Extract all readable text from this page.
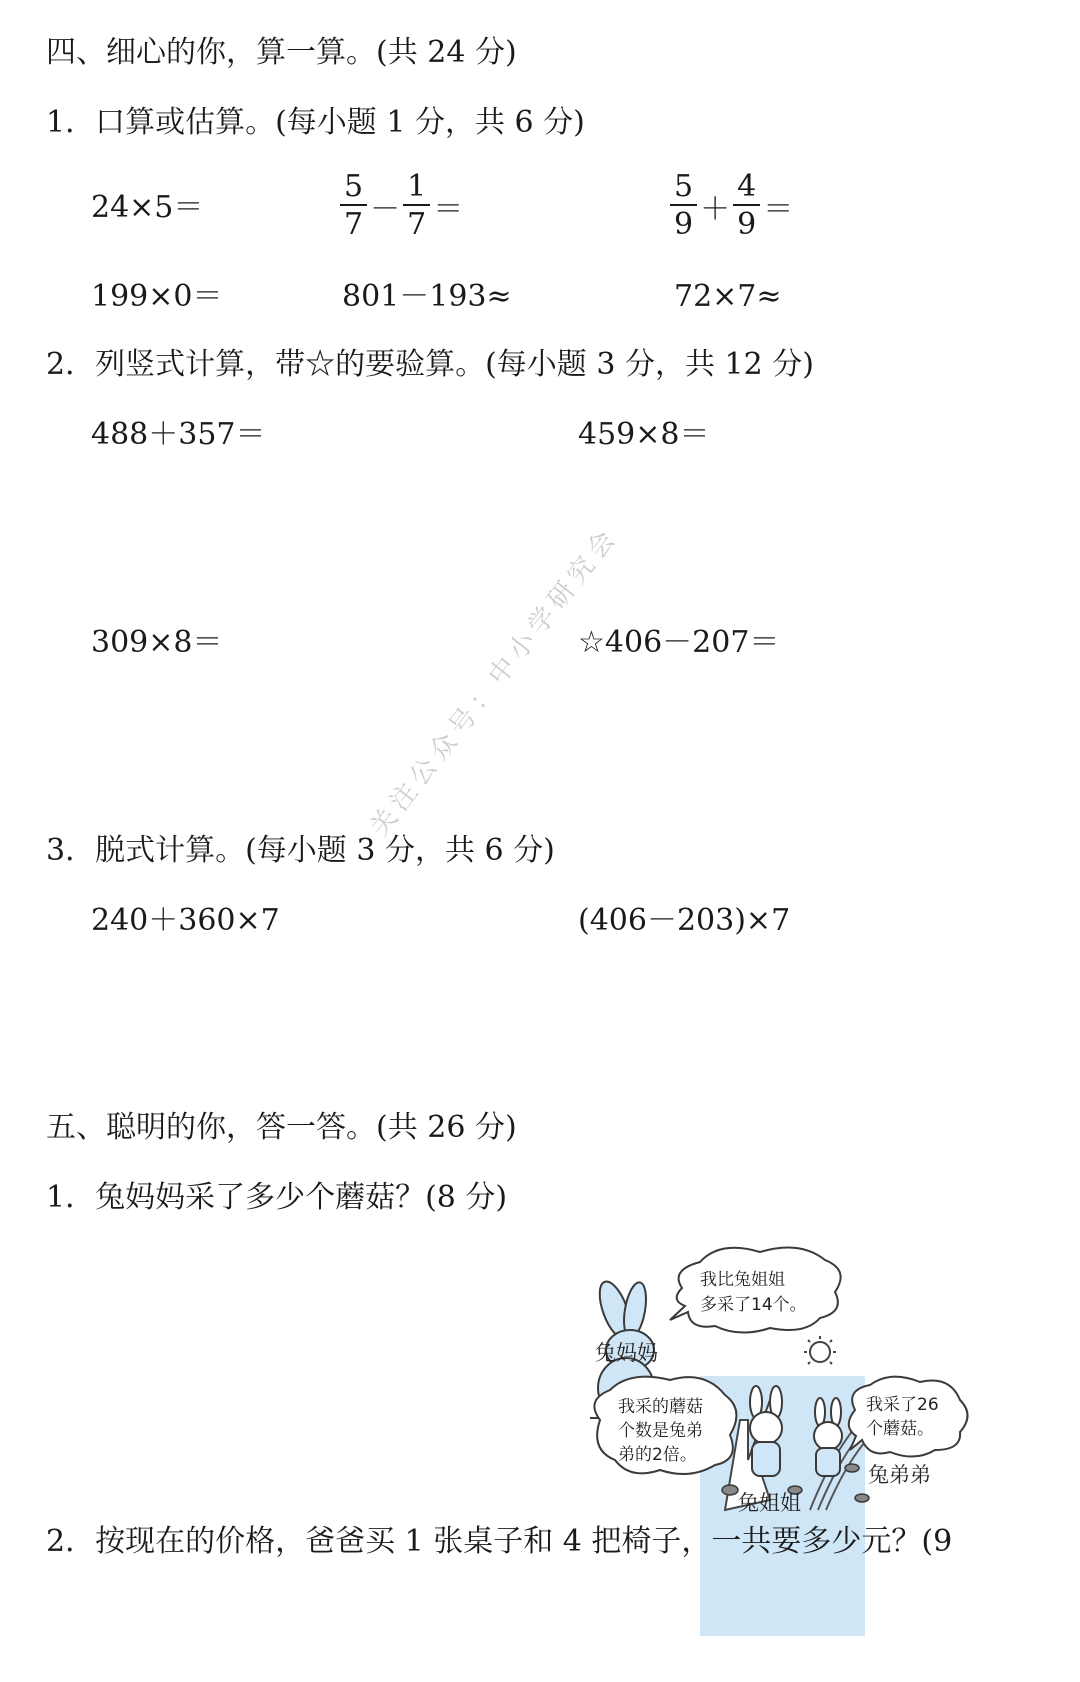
四、细心的你，算一算。(共 24 分)
1．口算或估算。(每小题 1 分，共 6 分)
24×5＝	$\frac{5}{7} - \frac{1}{7}$ ＝	$\frac{5}{9} + \frac{4}{9}$ ＝
199×0＝	801－193≈	72×7≈
2．列竖式计算，带☆的要验算。(每小题 3 分，共 12 分)
488＋357＝	459×8＝
309×8＝	☆406－207＝
关注公众号：中小学研究会
3．脱式计算。(每小题 3 分，共 6 分)
240＋360×7	(406－203)×7
五、聪明的你，答一答。(共 26 分)
1．兔妈妈采了多少个蘑菇？(8 分)
我比兔姐姐
多采了14个。
兔妈妈
我采的蘑菇
个数是兔弟
弟的2倍。
我采了26
个蘑菇。
兔弟弟
兔姐姐
2．按现在的价格，爸爸买 1 张桌子和 4 把椅子，一共要多少元？(9
